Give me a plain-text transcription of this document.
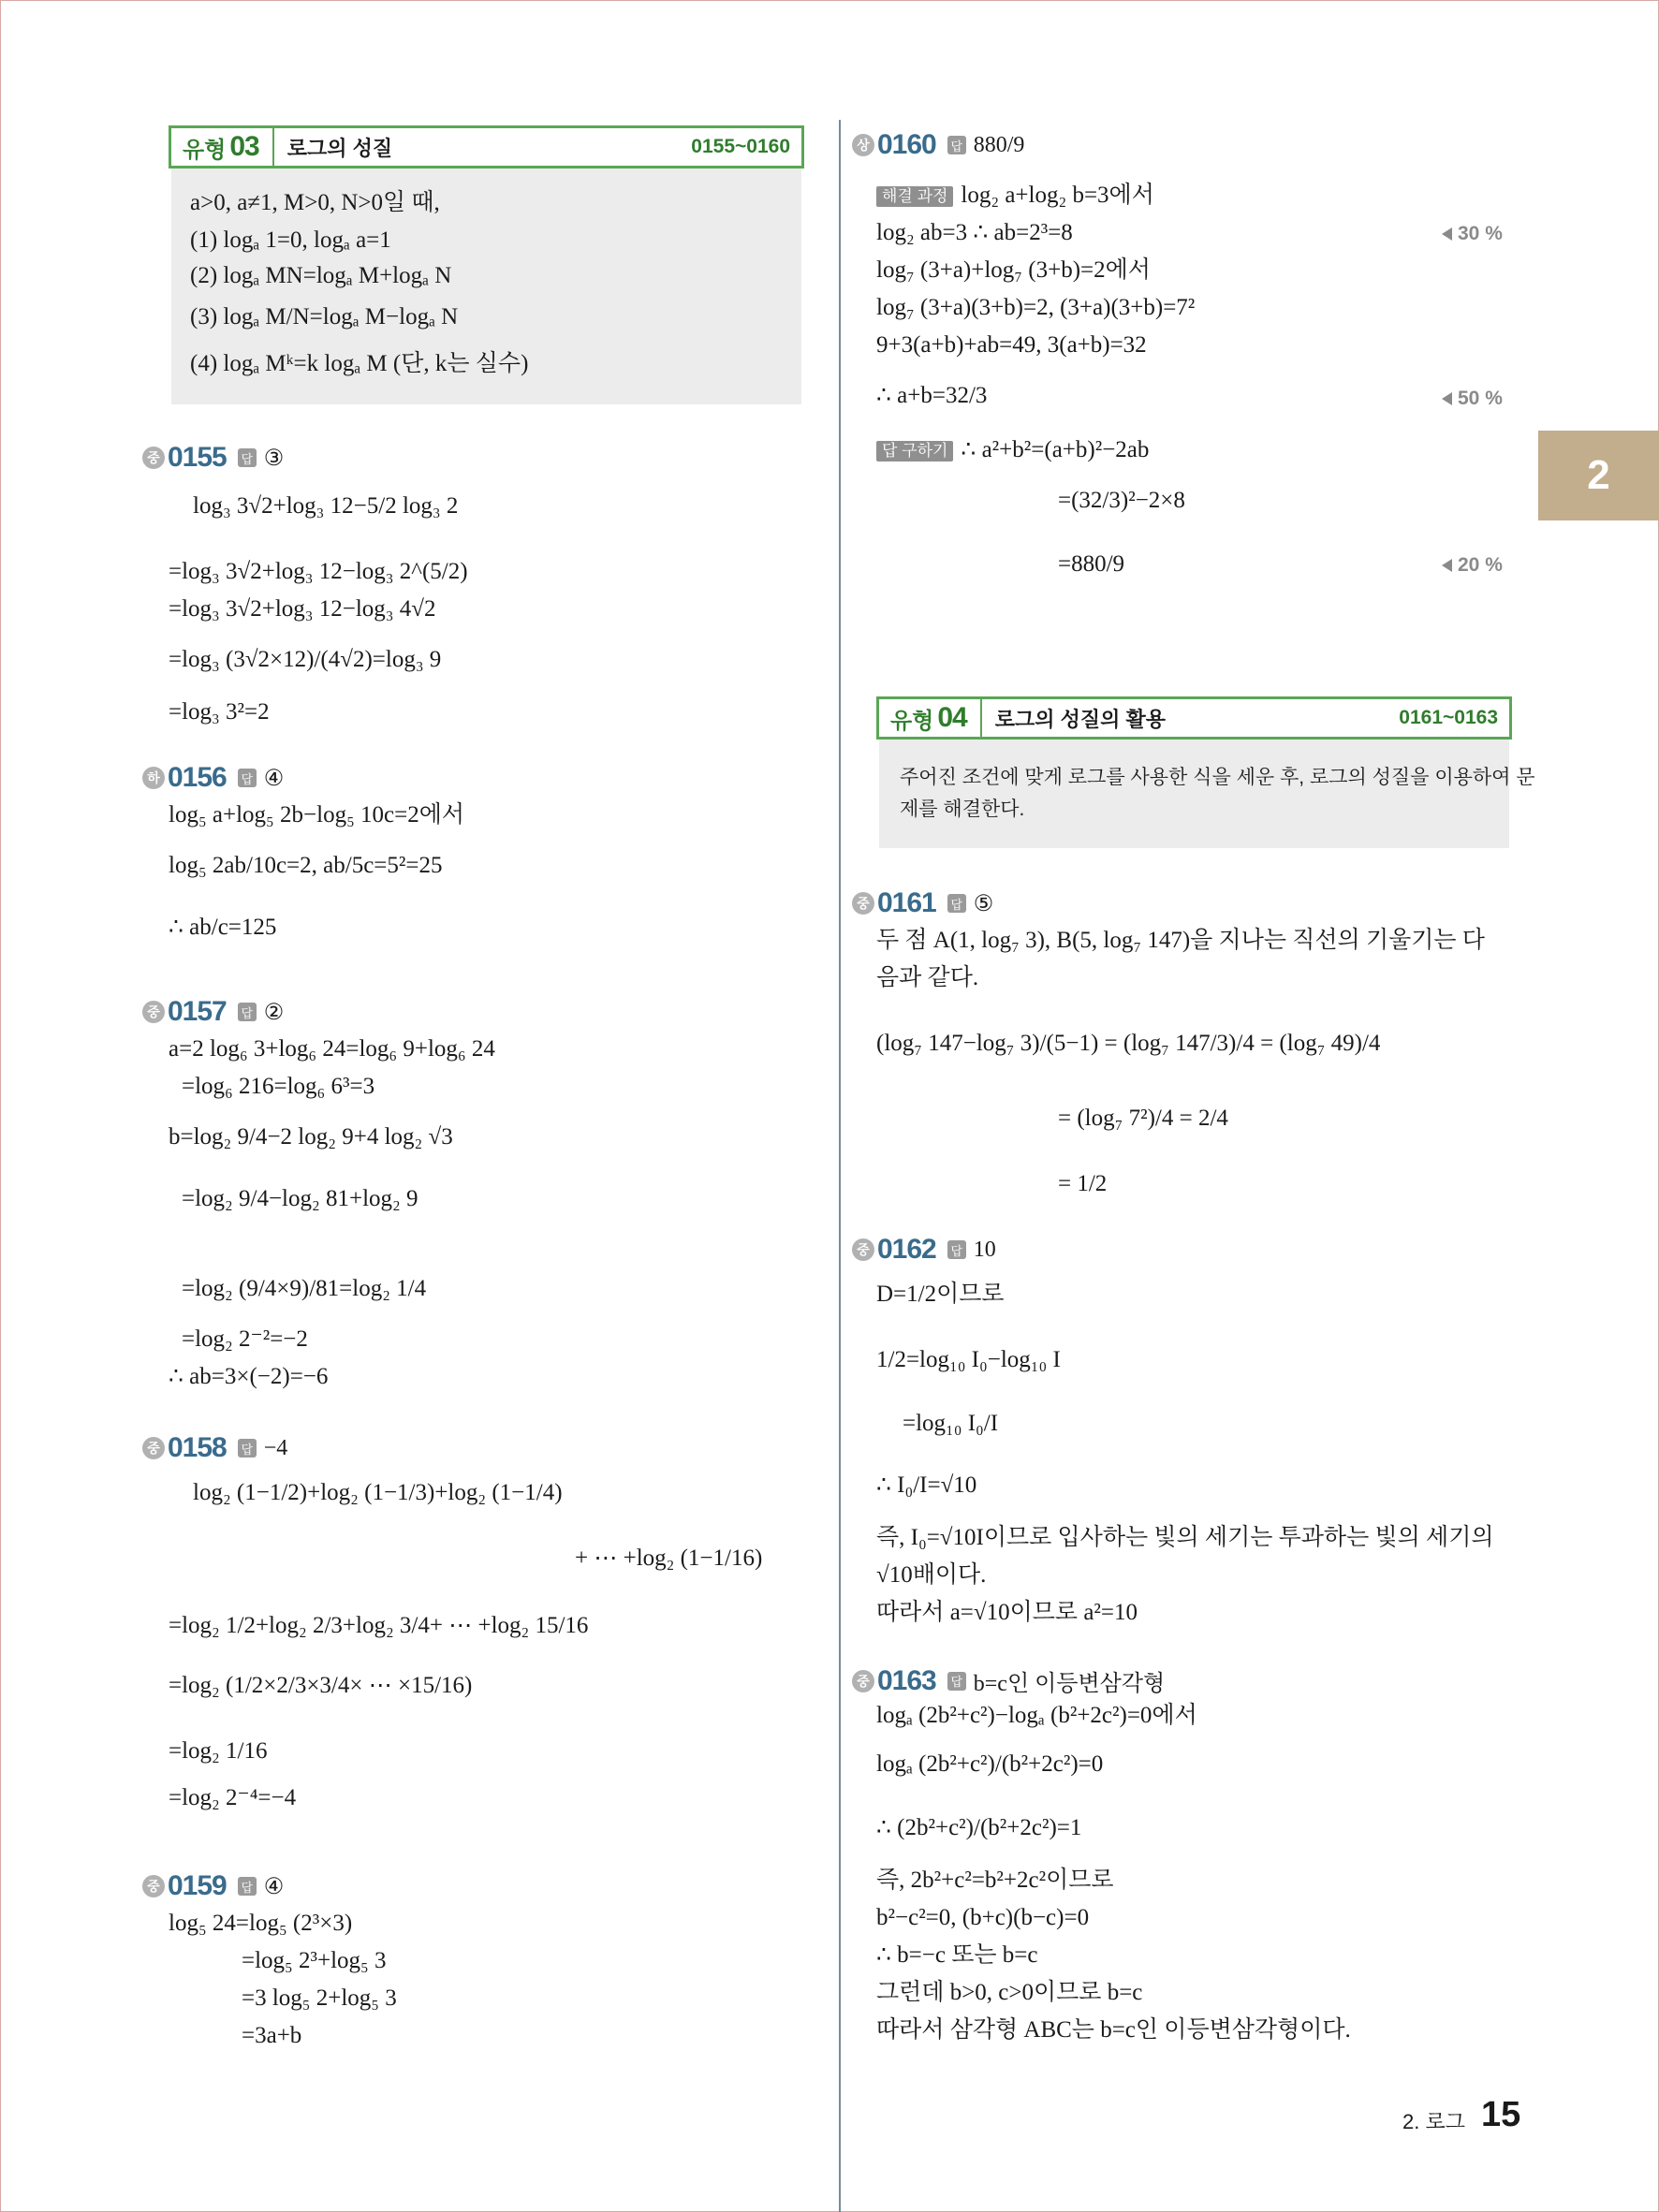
유형 03	로그의 성질	0155~0160
a>0, a≠1, M>0, N>0일 때,
(1) logₐ 1=0, logₐ a=1
(2) logₐ MN=logₐ M+logₐ N
(3) logₐ M/N=logₐ M−logₐ N
(4) logₐ Mᵏ=k logₐ M (단, k는 실수)
중 0155 답 ③
log₃ 3√2+log₃ 12−5/2 log₃ 2
=log₃ 3√2+log₃ 12−log₃ 2^(5/2)
=log₃ 3√2+log₃ 12−log₃ 4√2
=log₃ (3√2×12)/(4√2)=log₃ 9
=log₃ 3²=2
하 0156 답 ④
log₅ a+log₅ 2b−log₅ 10c=2에서
log₅ 2ab/10c=2, ab/5c=5²=25
∴ ab/c=125
중 0157 답 ②
a=2 log₆ 3+log₆ 24=log₆ 9+log₆ 24
=log₆ 216=log₆ 6³=3
b=log₂ 9/4−2 log₂ 9+4 log₂ √3
=log₂ 9/4−log₂ 81+log₂ 9
=log₂ (9/4×9)/81=log₂ 1/4
=log₂ 2⁻²=−2
∴ ab=3×(−2)=−6
중 0158 답 −4
log₂ (1−1/2)+log₂ (1−1/3)+log₂ (1−1/4)
+ ⋯ +log₂ (1−1/16)
=log₂ 1/2+log₂ 2/3+log₂ 3/4+ ⋯ +log₂ 15/16
=log₂ (1/2×2/3×3/4× ⋯ ×15/16)
=log₂ 1/16
=log₂ 2⁻⁴=−4
중 0159 답 ④
log₅ 24=log₅ (2³×3)
=log₅ 2³+log₅ 3
=3 log₅ 2+log₅ 3
=3a+b
상 0160 답 880/9
해결 과정 log₂ a+log₂ b=3에서
log₂ ab=3 ∴ ab=2³=8	30 %
log₇ (3+a)+log₇ (3+b)=2에서
log₇ (3+a)(3+b)=2, (3+a)(3+b)=7²
9+3(a+b)+ab=49, 3(a+b)=32
∴ a+b=32/3	50 %
답 구하기 ∴ a²+b²=(a+b)²−2ab
=(32/3)²−2×8
=880/9	20 %
유형 04	로그의 성질의 활용	0161~0163
주어진 조건에 맞게 로그를 사용한 식을 세운 후, 로그의 성질을 이용하여 문
제를 해결한다.
중 0161 답 ⑤
두 점 A(1, log₇ 3), B(5, log₇ 147)을 지나는 직선의 기울기는 다
음과 같다.
(log₇ 147−log₇ 3)/(5−1) = (log₇ 147/3)/4 = (log₇ 49)/4
= (log₇ 7²)/4 = 2/4
= 1/2
중 0162 답 10
D=1/2이므로
1/2=log₁₀ I₀−log₁₀ I
=log₁₀ I₀/I
∴ I₀/I=√10
즉, I₀=√10I이므로 입사하는 빛의 세기는 투과하는 빛의 세기의
√10배이다.
따라서 a=√10이므로 a²=10
중 0163 답 b=c인 이등변삼각형
logₐ (2b²+c²)−logₐ (b²+2c²)=0에서
logₐ (2b²+c²)/(b²+2c²)=0
∴ (2b²+c²)/(b²+2c²)=1
즉, 2b²+c²=b²+2c²이므로
b²−c²=0, (b+c)(b−c)=0
∴ b=−c 또는 b=c
그런데 b>0, c>0이므로 b=c
따라서 삼각형 ABC는 b=c인 이등변삼각형이다.
2
2. 로그 15
